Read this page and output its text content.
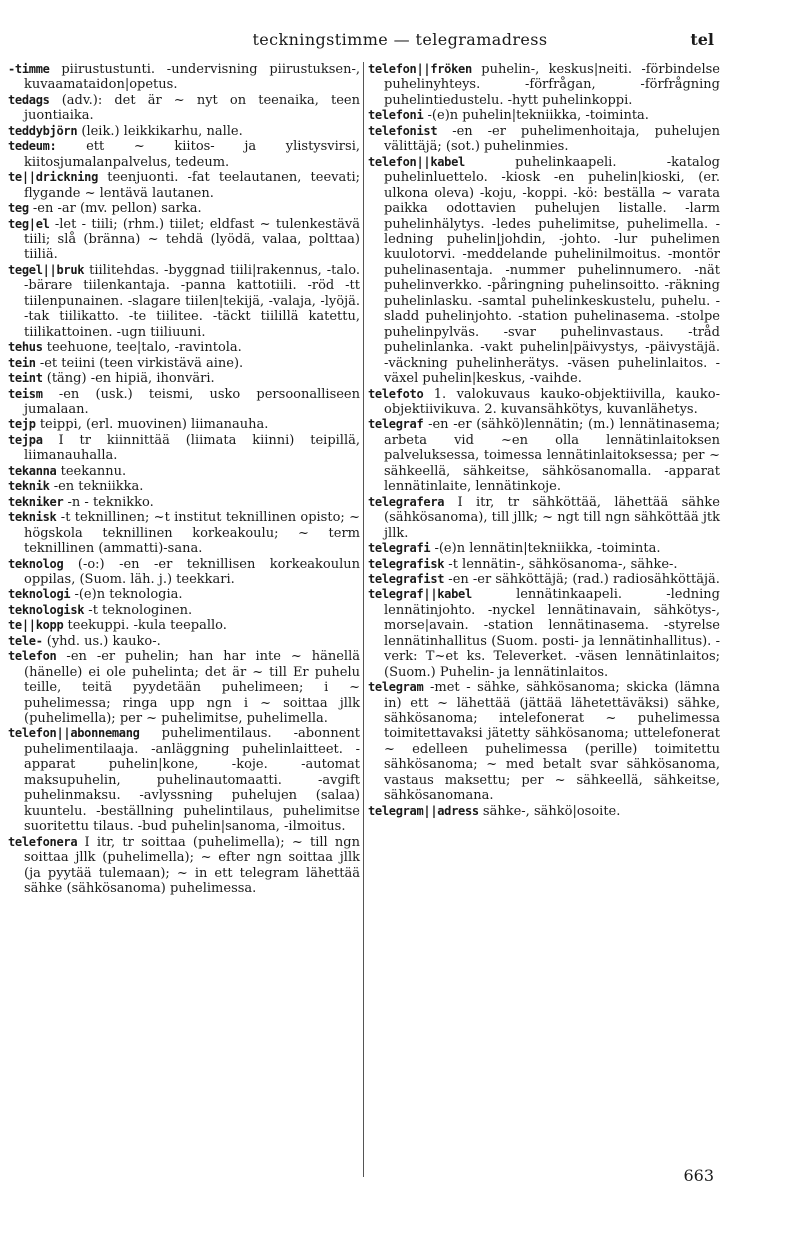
teckningstimme — telegramadress	tel

-timme piirustustunti. -undervisning piirustuksen-, kuvaamataidon|opetus.

tedags (adv.): det är ~ nyt on teenaika, teen juontiaika.

teddybjörn (leik.) leikkikarhu, nalle.

tedeum: ett ~ kiitos- ja ylistysvirsi, kiitosjumalanpalvelus, tedeum.

te||drickning teenjuonti. -fat teelautanen, teevati; flygande ~ lentävä lautanen.

teg -en -ar (mv. pellon) sarka.

teg|el -let - tiili; (rhm.) tiilet; eldfast ~ tulenkestävä tiili; slå (bränna) ~ tehdä (lyödä, valaa, polttaa) tiiliä.

tegel||bruk tiilitehdas. -byggnad tiili|rakennus, -talo. -bärare tiilenkantaja. -panna kattotiili. -röd -tt tiilenpunainen. -slagare tiilen|tekijä, -valaja, -lyöjä. -tak tiilikatto. -te tiilitee. -täckt tiilillä katettu, tiilikattoinen. -ugn tiiliuuni.

tehus teehuone, tee|talo, -ravintola.

tein -et teiini (teen virkistävä aine).

teint (täng) -en hipiä, ihonväri.

teism -en (usk.) teismi, usko persoonalliseen jumalaan.

tejp teippi, (erl. muovinen) liimanauha.

tejpa I tr kiinnittää (liimata kiinni) teipillä, liimanauhalla.

tekanna teekannu.

teknik -en tekniikka.

tekniker -n - teknikko.

teknisk -t teknillinen; ~t institut teknillinen opisto; ~ högskola teknillinen korkeakoulu; ~ term teknillinen (ammatti)-sana.

teknolog (-o:) -en -er teknillisen korkeakoulun oppilas, (Suom. läh. j.) teekkari.

teknologi -(e)n teknologia.

teknologisk -t teknologinen.

te||kopp teekuppi. -kula teepallo.

tele- (yhd. us.) kauko-.

telefon -en -er puhelin; han har inte ~ hänellä (hänelle) ei ole puhelinta; det är ~ till Er puhelu teille, teitä pyydetään puhelimeen; i ~ puhelimessa; ringa upp ngn i ~ soittaa jllk (puhelimella); per ~ puhelimitse, puhelimella.

telefon||abonnemang puhelimentilaus. -abonnent puhelimentilaaja. -anläggning puhelinlaitteet. -apparat puhelin|kone, -koje. -automat maksupuhelin, puhelinautomaatti. -avgift puhelinmaksu. -avlyssning puhelujen (salaa) kuuntelu. -beställning puhelintilaus, puhelimitse suoritettu tilaus. -bud puhelin|sanoma, -ilmoitus.

telefonera I itr, tr soittaa (puhelimella); ~ till ngn soittaa jllk (puhelimella); ~ efter ngn soittaa jllk (ja pyytää tulemaan); ~ in ett telegram lähettää sähke (sähkösanoma) puhelimessa.

telefon||fröken puhelin-, keskus|neiti. -förbindelse puhelinyhteys. -förfrågan, -förfrågning puhelintiedustelu. -hytt puhelinkoppi.

telefoni -(e)n puhelin|tekniikka, -toiminta.

telefonist -en -er puhelimenhoitaja, puhelujen välittäjä; (sot.) puhelinmies.

telefon||kabel puhelinkaapeli. -katalog puhelinluettelo. -kiosk -en puhelin|kioski, (er. ulkona oleva) -koju, -koppi. -kö: beställa ~ varata paikka odottavien puhelujen listalle. -larm puhelinhälytys. -ledes puhelimitse, puhelimella. -ledning puhelin|johdin, -johto. -lur puhelimen kuulotorvi. -meddelande puhelinilmoitus. -montör puhelinasentaja. -nummer puhelinnumero. -nät puhelinverkko. -påringning puhelinsoitto. -räkning puhelinlasku. -samtal puhelinkeskustelu, puhelu. -sladd puhelinjohto. -station puhelinasema. -stolpe puhelinpylväs. -svar puhelinvastaus. -tråd puhelinlanka. -vakt puhelin|päivystys, -päivystäjä. -väckning puhelinherätys. -väsen puhelinlaitos. -växel puhelin|keskus, -vaihde.

telefoto 1. valokuvaus kauko-objektiivilla, kauko-objektiivikuva. 2. kuvansähkötys, kuvanlähetys.

telegraf -en -er (sähkö)lennätin; (m.) lennätinasema; arbeta vid ~en olla lennätinlaitoksen palveluksessa, toimessa lennätinlaitoksessa; per ~ sähkeellä, sähkeitse, sähkösanomalla. -apparat lennätinlaite, lennätinkoje.

telegrafera I itr, tr sähköttää, lähettää sähke (sähkösanoma), till jllk; ~ ngt till ngn sähköttää jtk jllk.

telegrafi -(e)n lennätin|tekniikka, -toiminta.

telegrafisk -t lennätin-, sähkösanoma-, sähke-.

telegrafist -en -er sähköttäjä; (rad.) radiosähköttäjä.

telegraf||kabel lennätinkaapeli. -ledning lennätinjohto. -nyckel lennätinavain, sähkötys-, morse|avain. -station lennätinasema. -styrelse lennätinhallitus (Suom. posti- ja lennätinhallitus). -verk: T~et ks. Televerket. -väsen lennätinlaitos; (Suom.) Puhelin- ja lennätinlaitos.

telegram -met - sähke, sähkösanoma; skicka (lämna in) ett ~ lähettää (jättää lähetettäväksi) sähke, sähkösanoma; intelefonerat ~ puhelimessa toimitettavaksi jätetty sähkösanoma; uttelefonerat ~ edelleen puhelimessa (perille) toimitettu sähkösanoma; ~ med betalt svar sähkösanoma, vastaus maksettu; per ~ sähkeellä, sähkeitse, sähkösanomana.

telegram||adress sähke-, sähkö|osoite.

663
